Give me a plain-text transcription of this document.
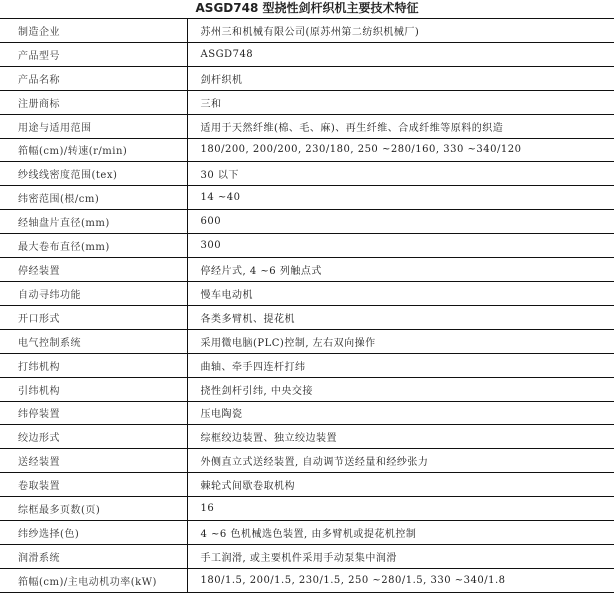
ASGD748 型挠性剑杆织机主要技术特征
制造企业	苏州三和机械有限公司(原苏州第二纺织机械厂)
产品型号	ASGD748
产品名称	剑杆织机
注册商标	三和
用途与适用范围	适用于天然纤维(棉、毛、麻)、再生纤维、合成纤维等原料的织造
筘幅(cm)/转速(r/min)	180/200, 200/200, 230/180, 250 ~280/160, 330 ~340/120
纱线线密度范围(tex)	30 以下
纬密范围(根/cm)	14 ~40
经轴盘片直径(mm)	600
最大卷布直径(mm)	300
停经装置	停经片式, 4 ~6 列触点式
自动寻纬功能	慢车电动机
开口形式	各类多臂机、提花机
电气控制系统	采用微电脑(PLC)控制, 左右双向操作
打纬机构	曲轴、牵手四连杆打纬
引纬机构	挠性剑杆引纬, 中央交接
纬停装置	压电陶瓷
绞边形式	综框绞边装置、独立绞边装置
送经装置	外侧直立式送经装置, 自动调节送经量和经纱张力
卷取装置	棘轮式间歇卷取机构
综框最多页数(页)	16
纬纱选择(色)	4 ~6 色机械选色装置, 由多臂机或提花机控制
润滑系统	手工润滑, 或主要机件采用手动泵集中润滑
筘幅(cm)/主电动机功率(kW)	180/1.5, 200/1.5, 230/1.5, 250 ~280/1.5, 330 ~340/1.8
